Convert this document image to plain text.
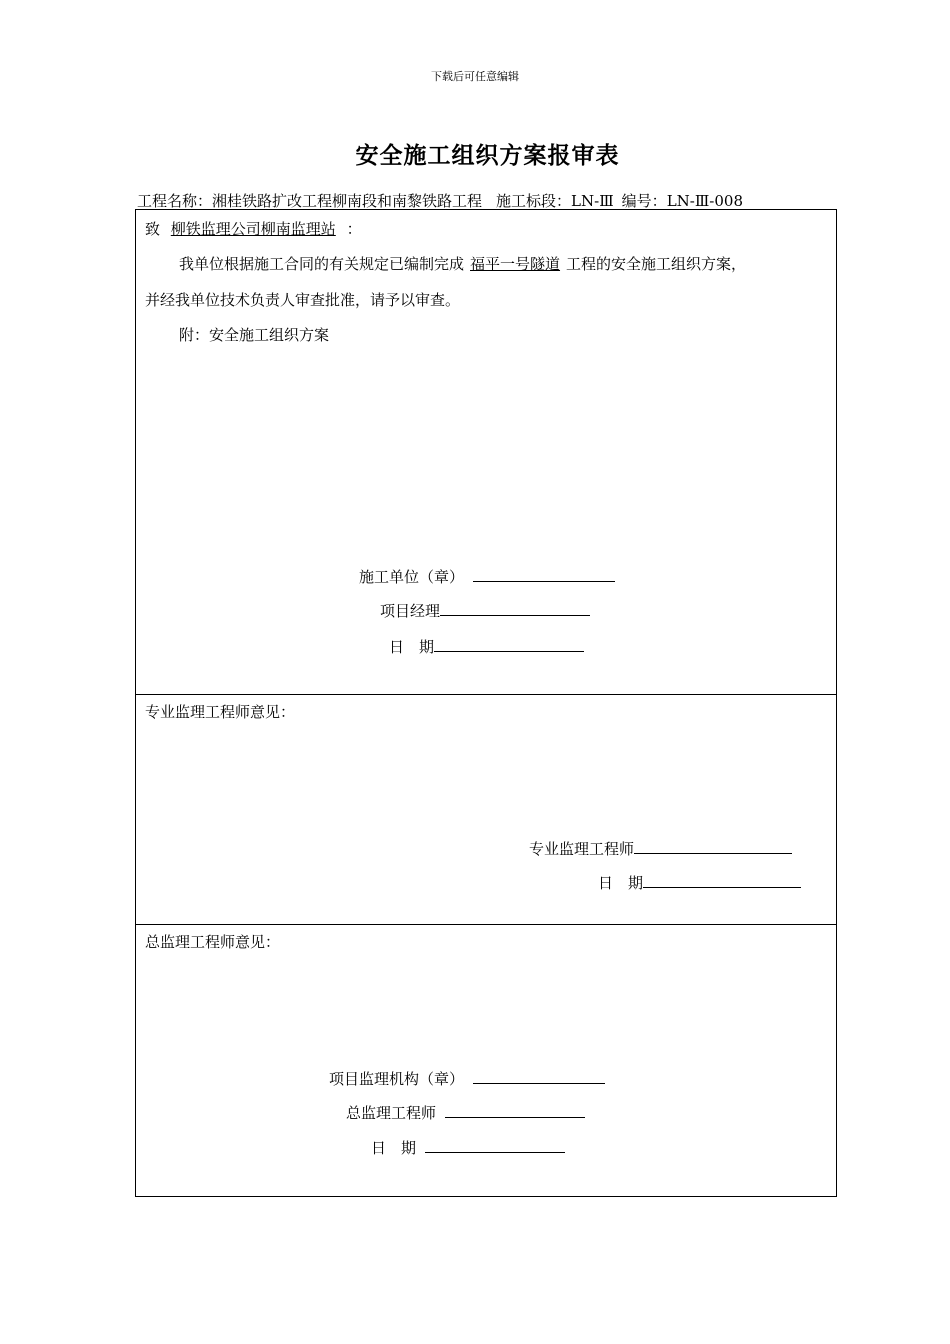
下载后可任意编辑
安全施工组织方案报审表
工程名称：湘桂铁路扩改工程柳南段和南黎铁路工程 施工标段：LN-Ⅲ 编号：LN-Ⅲ-008
致 柳铁监理公司柳南监理站 ：
我单位根据施工合同的有关规定已编制完成 福平一号隧道 工程的安全施工组织方案，
并经我单位技术负责人审查批准，请予以审查。
附：安全施工组织方案
施工单位（章）
项目经理
日　期
专业监理工程师意见：
专业监理工程师
日　期
总监理工程师意见：
项目监理机构（章）
总监理工程师
日　期
